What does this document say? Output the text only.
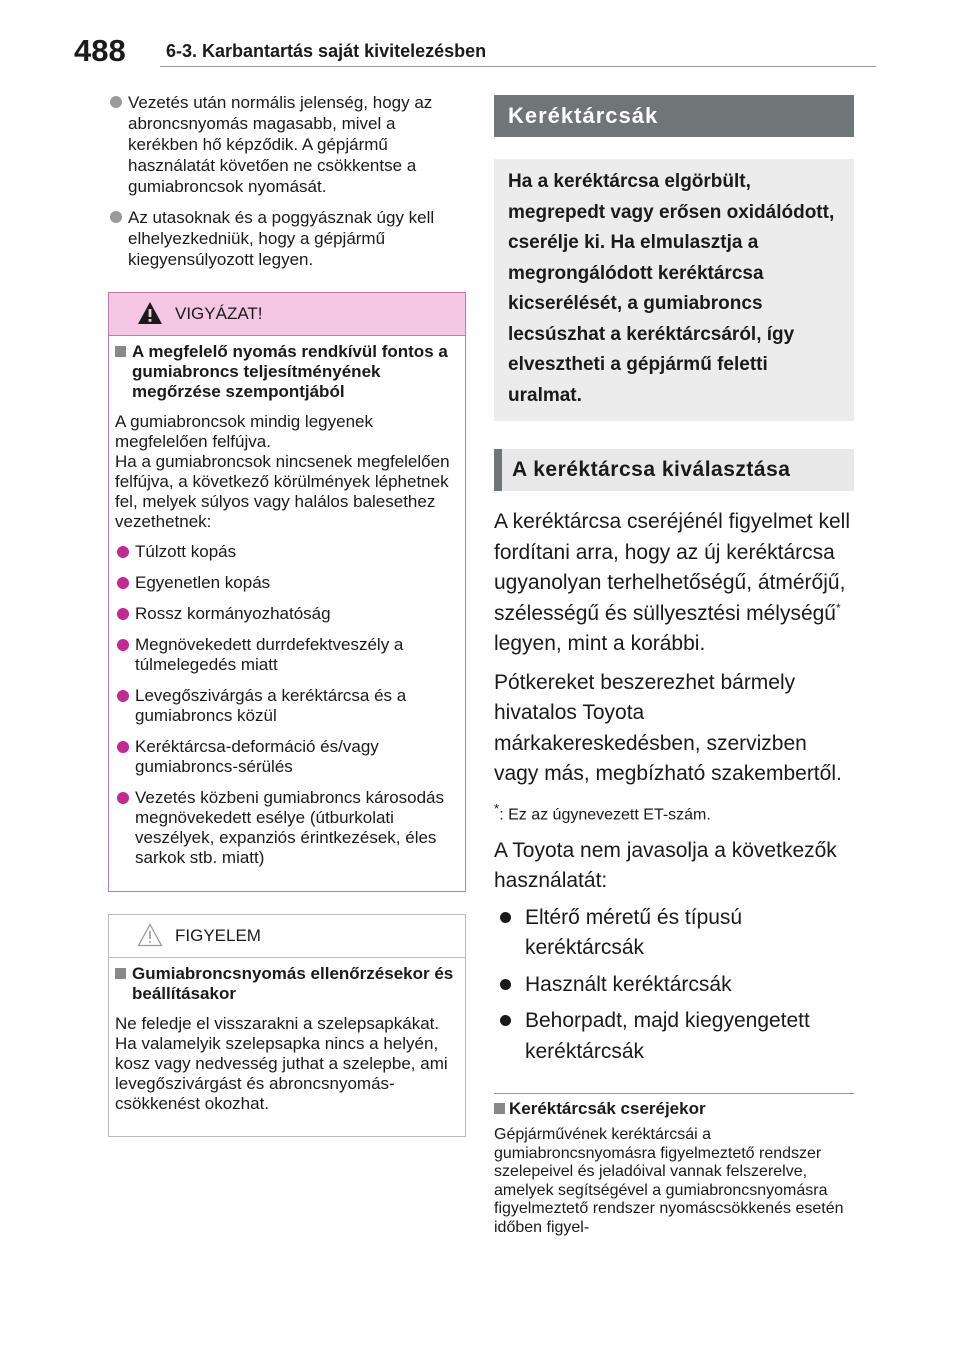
488 6-3. Karbantartás saját kivitelezésben
Vezetés után normális jelenség, hogy az abroncsnyomás magasabb, mivel a kerékben hő képződik. A gépjármű használatát követően ne csökkentse a gumiabroncsok nyomását.
Az utasoknak és a poggyásznak úgy kell elhelyezkedniük, hogy a gépjármű kiegyensúlyozott legyen.
VIGYÁZAT!
A megfelelő nyomás rendkívül fontos a gumiabroncs teljesítményének megőrzése szempontjából

A gumiabroncsok mindig legyenek megfelelően felfújva.
Ha a gumiabroncsok nincsenek megfelelően felfújva, a következő körülmények léphetnek fel, melyek súlyos vagy halálos balesethez vezethetnek:

Túlzott kopás
Egyenetlen kopás
Rossz kormányozhatóság
Megnövekedett durrdefektveszély a túlmelegedés miatt
Levegőszivárgás a keréktárcsa és a gumiabroncs közül
Keréktárcsa-deformáció és/vagy gumiabroncs-sérülés
Vezetés közbeni gumiabroncs károsodás megnövekedett esélye (útburkolati veszélyek, expanziós érintkezések, éles sarkok stb. miatt)
FIGYELEM
Gumiabroncsnyomás ellenőrzésekor és beállításakor

Ne feledje el visszarakni a szelepsapkákat.
Ha valamelyik szelepsapka nincs a helyén, kosz vagy nedvesség juthat a szelepbe, ami levegőszivárgást és abroncsnyomás-csökkenést okozhat.

Keréktárcsák
Ha a keréktárcsa elgörbült, megrepedt vagy erősen oxidálódott, cserélje ki. Ha elmulasztja a megrongálódott keréktárcsa kicserélését, a gumiabroncs lecsúszhat a keréktárcsáról, így elvesztheti a gépjármű feletti uralmat.
A keréktárcsa kiválasztása

A keréktárcsa cseréjénél figyelmet kell fordítani arra, hogy az új keréktárcsa ugyanolyan terhelhetőségű, átmérőjű, szélességű és süllyesztési mélységű* legyen, mint a korábbi.

Pótkereket beszerezhet bármely hivatalos Toyota márkakereskedésben, szervizben vagy más, megbízható szakembertől.

*: Ez az úgynevezett ET-szám.

A Toyota nem javasolja a következők használatát:

Eltérő méretű és típusú keréktárcsák
Használt keréktárcsák
Behorpadt, majd kiegyengetett keréktárcsák
Keréktárcsák cseréjekor

Gépjárművének keréktárcsái a gumiabroncsnyomásra figyelmeztető rendszer szelepeivel és jeladóival vannak felszerelve, amelyek segítségével a gumiabroncsnyomásra figyelmeztető rendszer nyomáscsökkenés esetén időben figyel-
